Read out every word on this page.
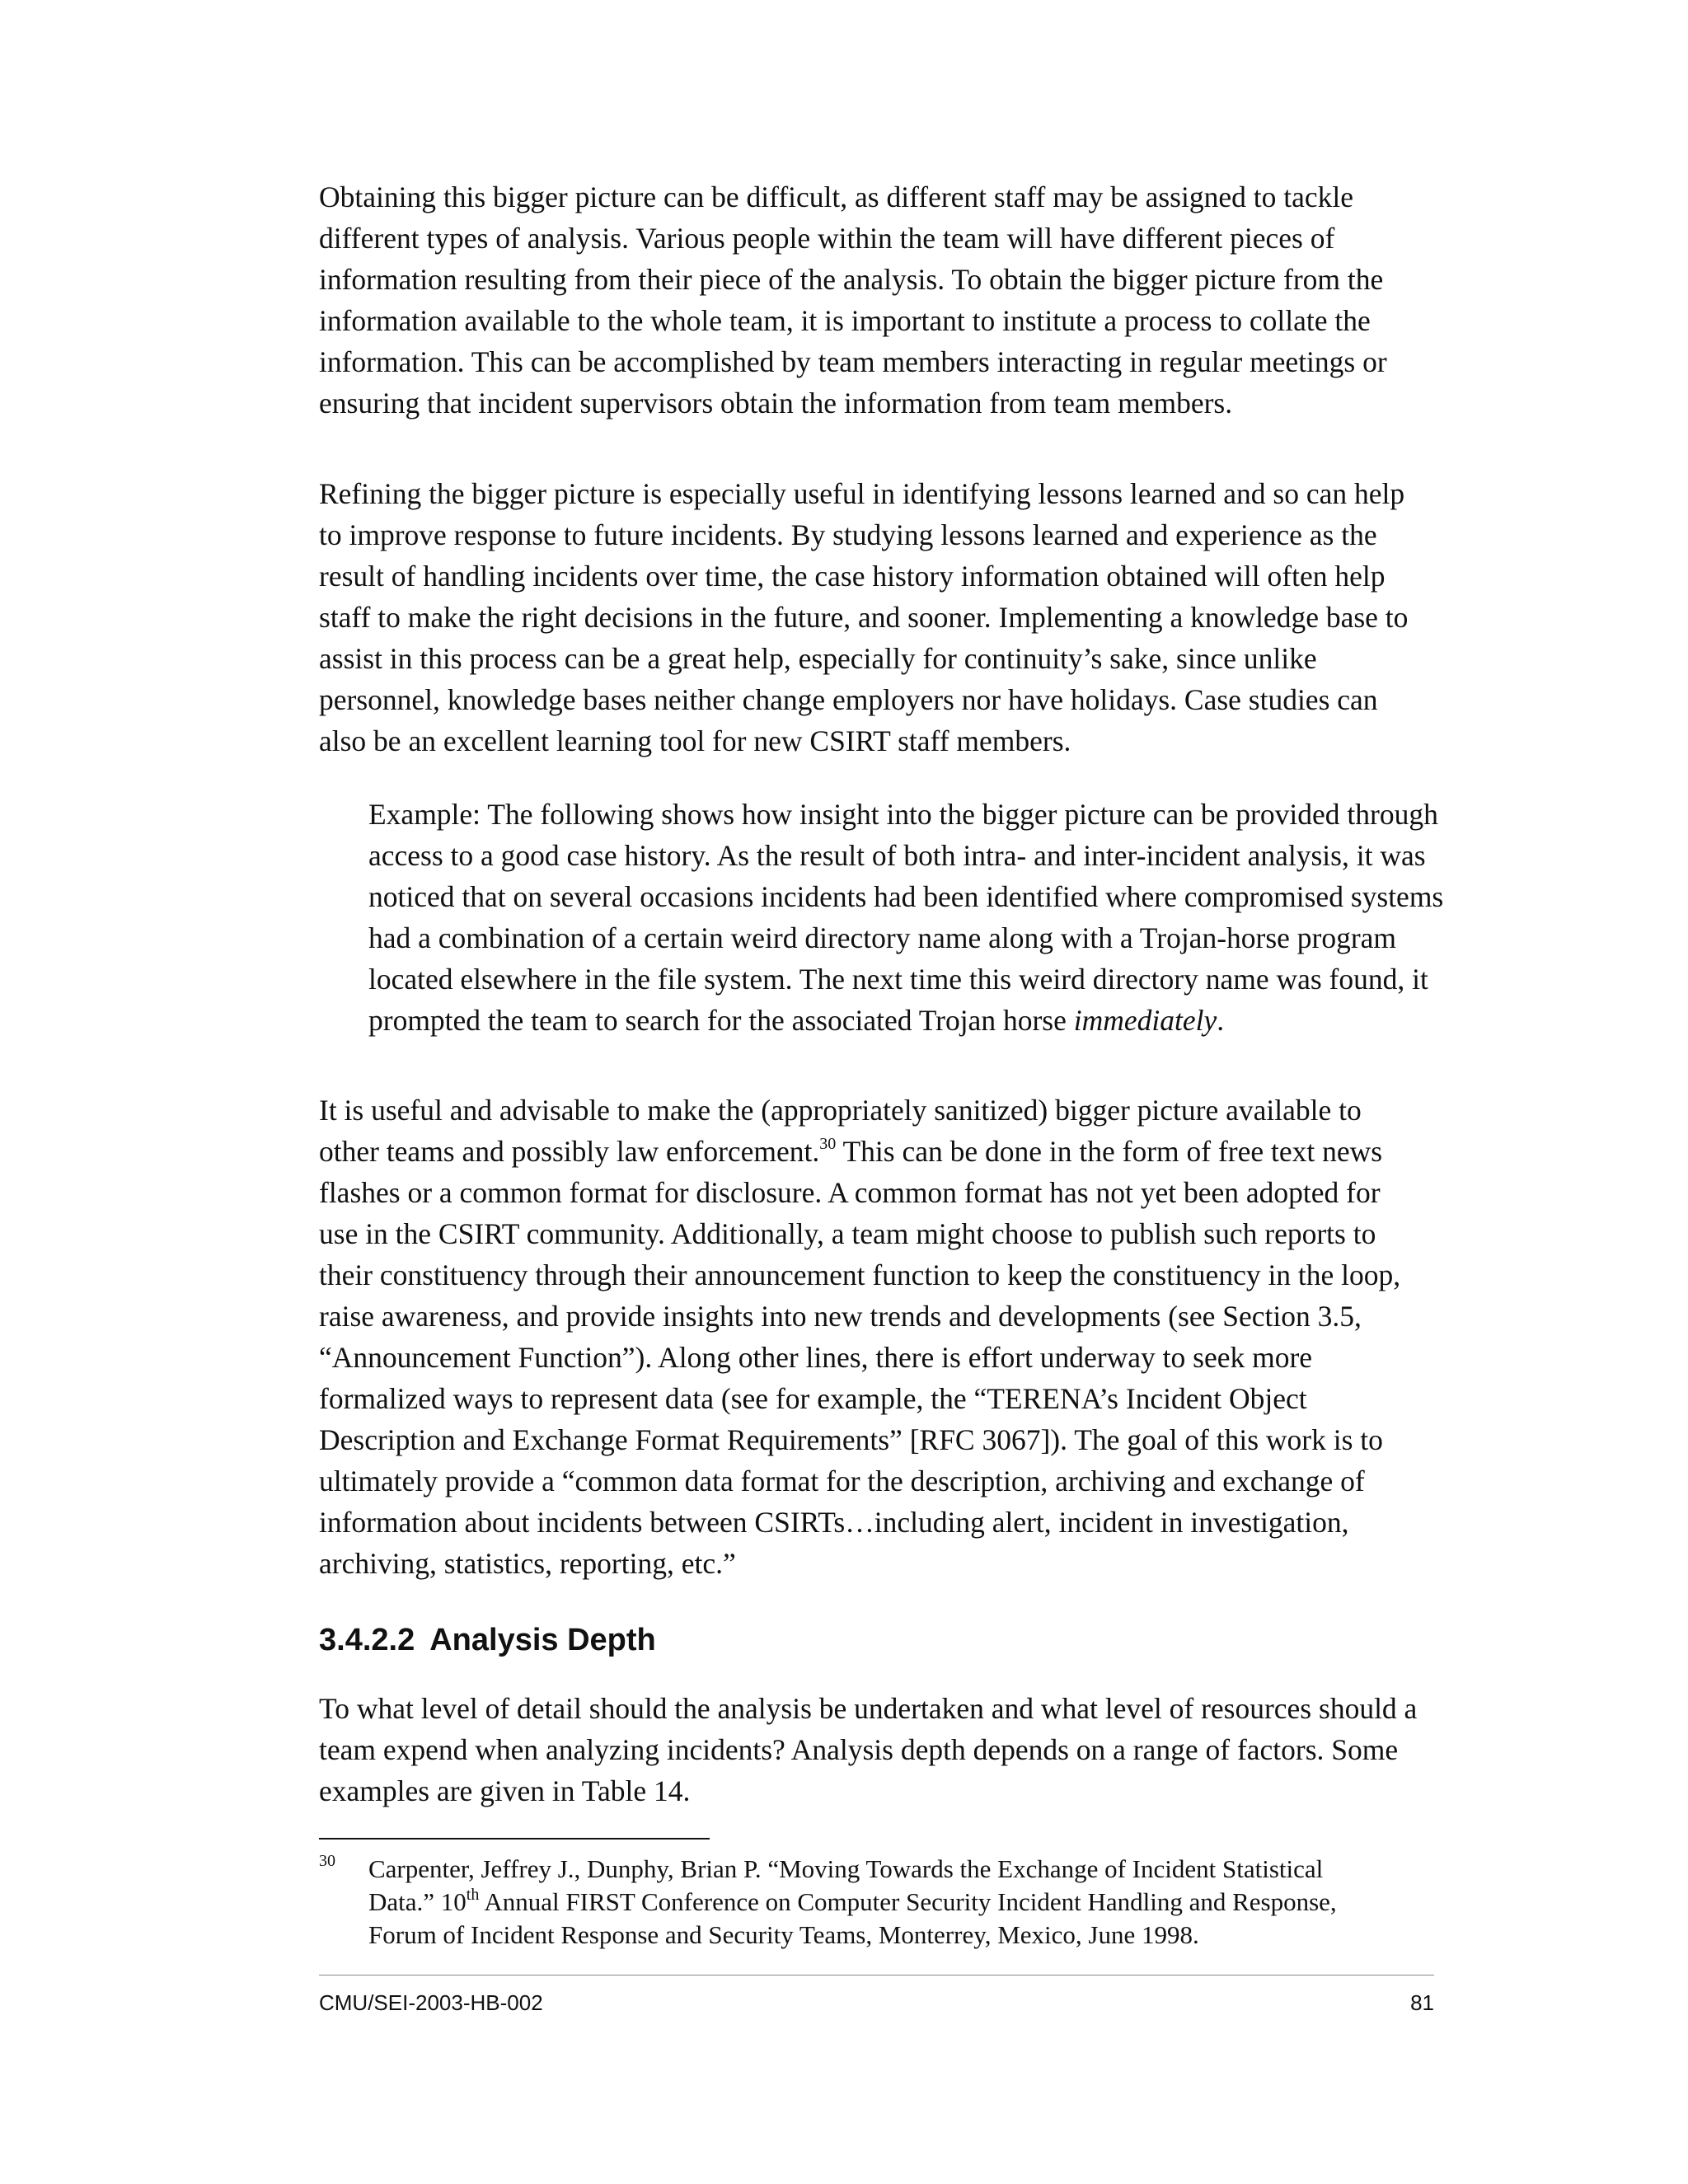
Obtaining this bigger picture can be difficult, as different staff may be assigned to tackle
different types of analysis. Various people within the team will have different pieces of
information resulting from their piece of the analysis. To obtain the bigger picture from the
information available to the whole team, it is important to institute a process to collate the
information. This can be accomplished by team members interacting in regular meetings or
ensuring that incident supervisors obtain the information from team members.
Refining the bigger picture is especially useful in identifying lessons learned and so can help
to improve response to future incidents. By studying lessons learned and experience as the
result of handling incidents over time, the case history information obtained will often help
staff to make the right decisions in the future, and sooner. Implementing a knowledge base to
assist in this process can be a great help, especially for continuity’s sake, since unlike
personnel, knowledge bases neither change employers nor have holidays. Case studies can
also be an excellent learning tool for new CSIRT staff members.
Example: The following shows how insight into the bigger picture can be provided through
access to a good case history. As the result of both intra- and inter-incident analysis, it was
noticed that on several occasions incidents had been identified where compromised systems
had a combination of a certain weird directory name along with a Trojan-horse program
located elsewhere in the file system. The next time this weird directory name was found, it
prompted the team to search for the associated Trojan horse immediately.
It is useful and advisable to make the (appropriately sanitized) bigger picture available to
other teams and possibly law enforcement.$^{30}$ This can be done in the form of free text news
flashes or a common format for disclosure. A common format has not yet been adopted for
use in the CSIRT community. Additionally, a team might choose to publish such reports to
their constituency through their announcement function to keep the constituency in the loop,
raise awareness, and provide insights into new trends and developments (see Section 3.5,
“Announcement Function”). Along other lines, there is effort underway to seek more
formalized ways to represent data (see for example, the “TERENA’s Incident Object
Description and Exchange Format Requirements” [RFC 3067]). The goal of this work is to
ultimately provide a “common data format for the description, archiving and exchange of
information about incidents between CSIRTs…including alert, incident in investigation,
archiving, statistics, reporting, etc.”
3.4.2.2 Analysis Depth
To what level of detail should the analysis be undertaken and what level of resources should a
team expend when analyzing incidents? Analysis depth depends on a range of factors. Some
examples are given in Table 14.
30 Carpenter, Jeffrey J., Dunphy, Brian P. “Moving Towards the Exchange of Incident Statistical
Data.” 10th Annual FIRST Conference on Computer Security Incident Handling and Response,
Forum of Incident Response and Security Teams, Monterrey, Mexico, June 1998.
CMU/SEI-2003-HB-002	81
